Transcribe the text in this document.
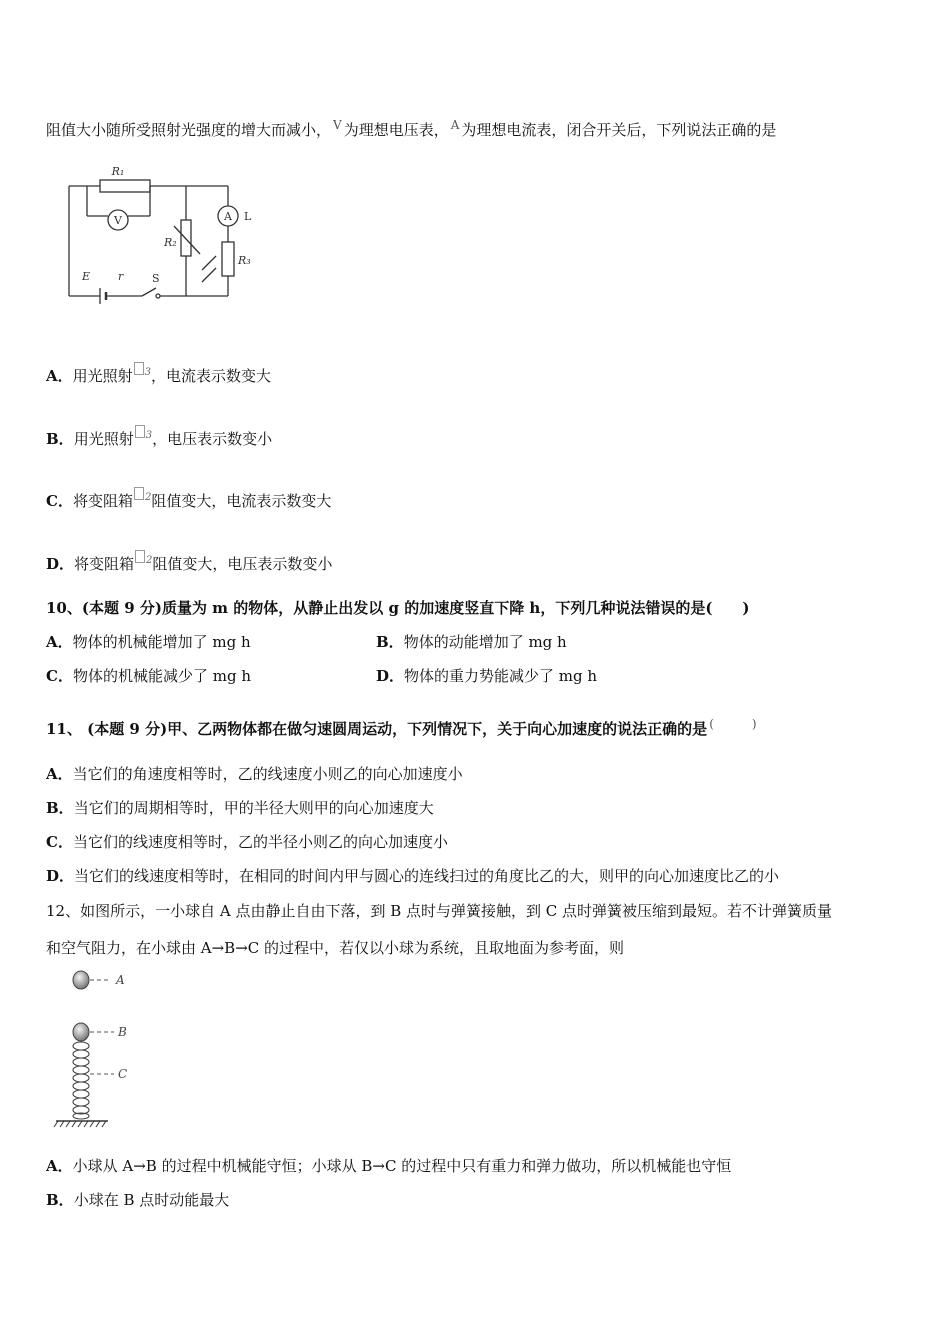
阻值大小随所受照射光强度的增大而减小， $^V$ 为理想电压表， $^A$ 为理想电流表，闭合开关后，下列说法正确的是
R₁
V
R₂
A L
R₃
E	r	S
A．用光照射 $^3$，电流表示数变大
B．用光照射 $^3$，电压表示数变小
C．将变阻箱 $^2$阻值变大，电流表示数变大
D．将变阻箱 $^2$阻值变大，电压表示数变小
10、(本题 9 分)质量为 m 的物体，从静止出发以 g 的加速度竖直下降 h，下列几种说法错误的是(　　)
A．物体的机械能增加了 mg h	B．物体的动能增加了 mg h
C．物体的机械能减少了 mg h	D．物体的重力势能减少了 mg h
11、 (本题 9 分)甲、乙两物体都在做匀速圆周运动，下列情况下，关于向心加速度的说法正确的是 (	)
A．当它们的角速度相等时，乙的线速度小则乙的向心加速度小
B．当它们的周期相等时，甲的半径大则甲的向心加速度大
C．当它们的线速度相等时，乙的半径小则乙的向心加速度小
D．当它们的线速度相等时，在相同的时间内甲与圆心的连线扫过的角度比乙的大，则甲的向心加速度比乙的小
12、如图所示，一小球自 A 点由静止自由下落，到 B 点时与弹簧接触，到 C 点时弹簧被压缩到最短。若不计弹簧质量
和空气阻力，在小球由 A→B→C 的过程中，若仅以小球为系统，且取地面为参考面，则
A
B
C
A．小球从 A→B 的过程中机械能守恒；小球从 B→C 的过程中只有重力和弹力做功，所以机械能也守恒
B．小球在 B 点时动能最大
